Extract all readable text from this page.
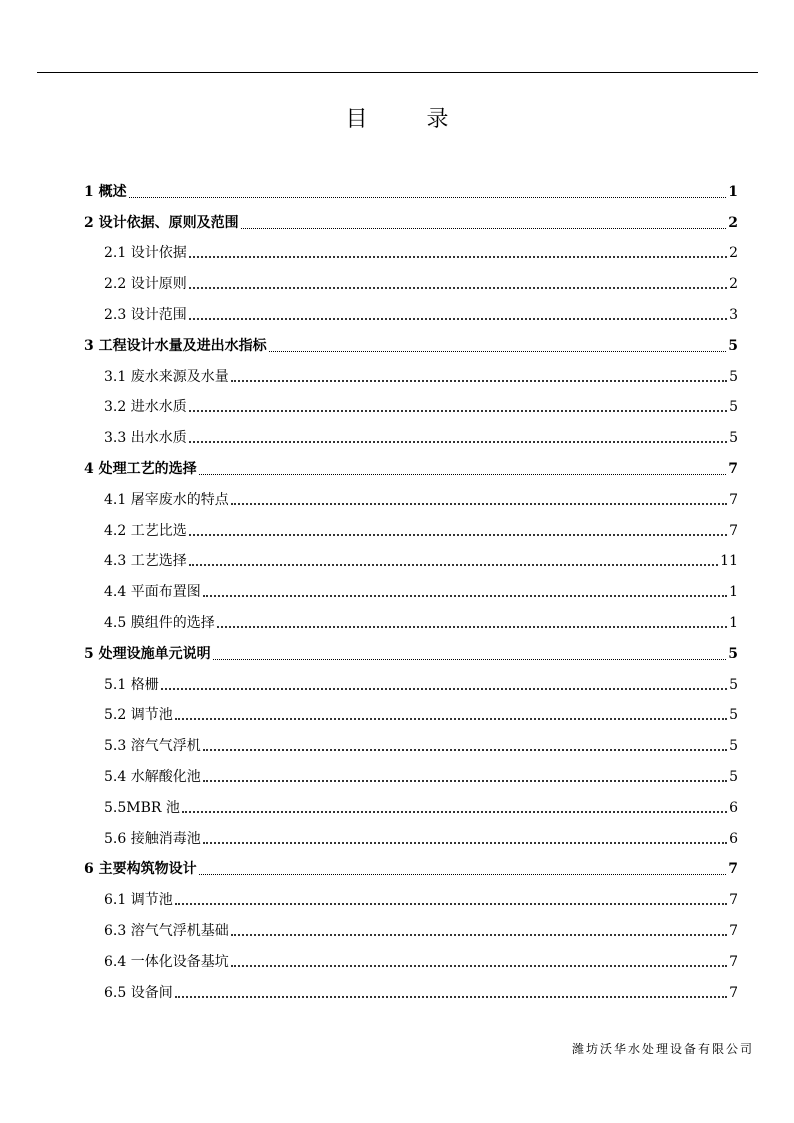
目 录
1 概述	1
2 设计依据、原则及范围	2
2.1 设计依据	2
2.2 设计原则	2
2.3 设计范围	3
3 工程设计水量及进出水指标	5
3.1 废水来源及水量	5
3.2 进水水质	5
3.3 出水水质	5
4 处理工艺的选择	7
4.1 屠宰废水的特点	7
4.2 工艺比选	7
4.3 工艺选择	11
4.4 平面布置图	1
4.5 膜组件的选择	1
5 处理设施单元说明	5
5.1 格栅	5
5.2 调节池	5
5.3 溶气气浮机	5
5.4 水解酸化池	5
5.5MBR 池	6
5.6 接触消毒池	6
6 主要构筑物设计	7
6.1 调节池	7
6.3 溶气气浮机基础	7
6.4 一体化设备基坑	7
6.5 设备间	7
潍坊沃华水处理设备有限公司
